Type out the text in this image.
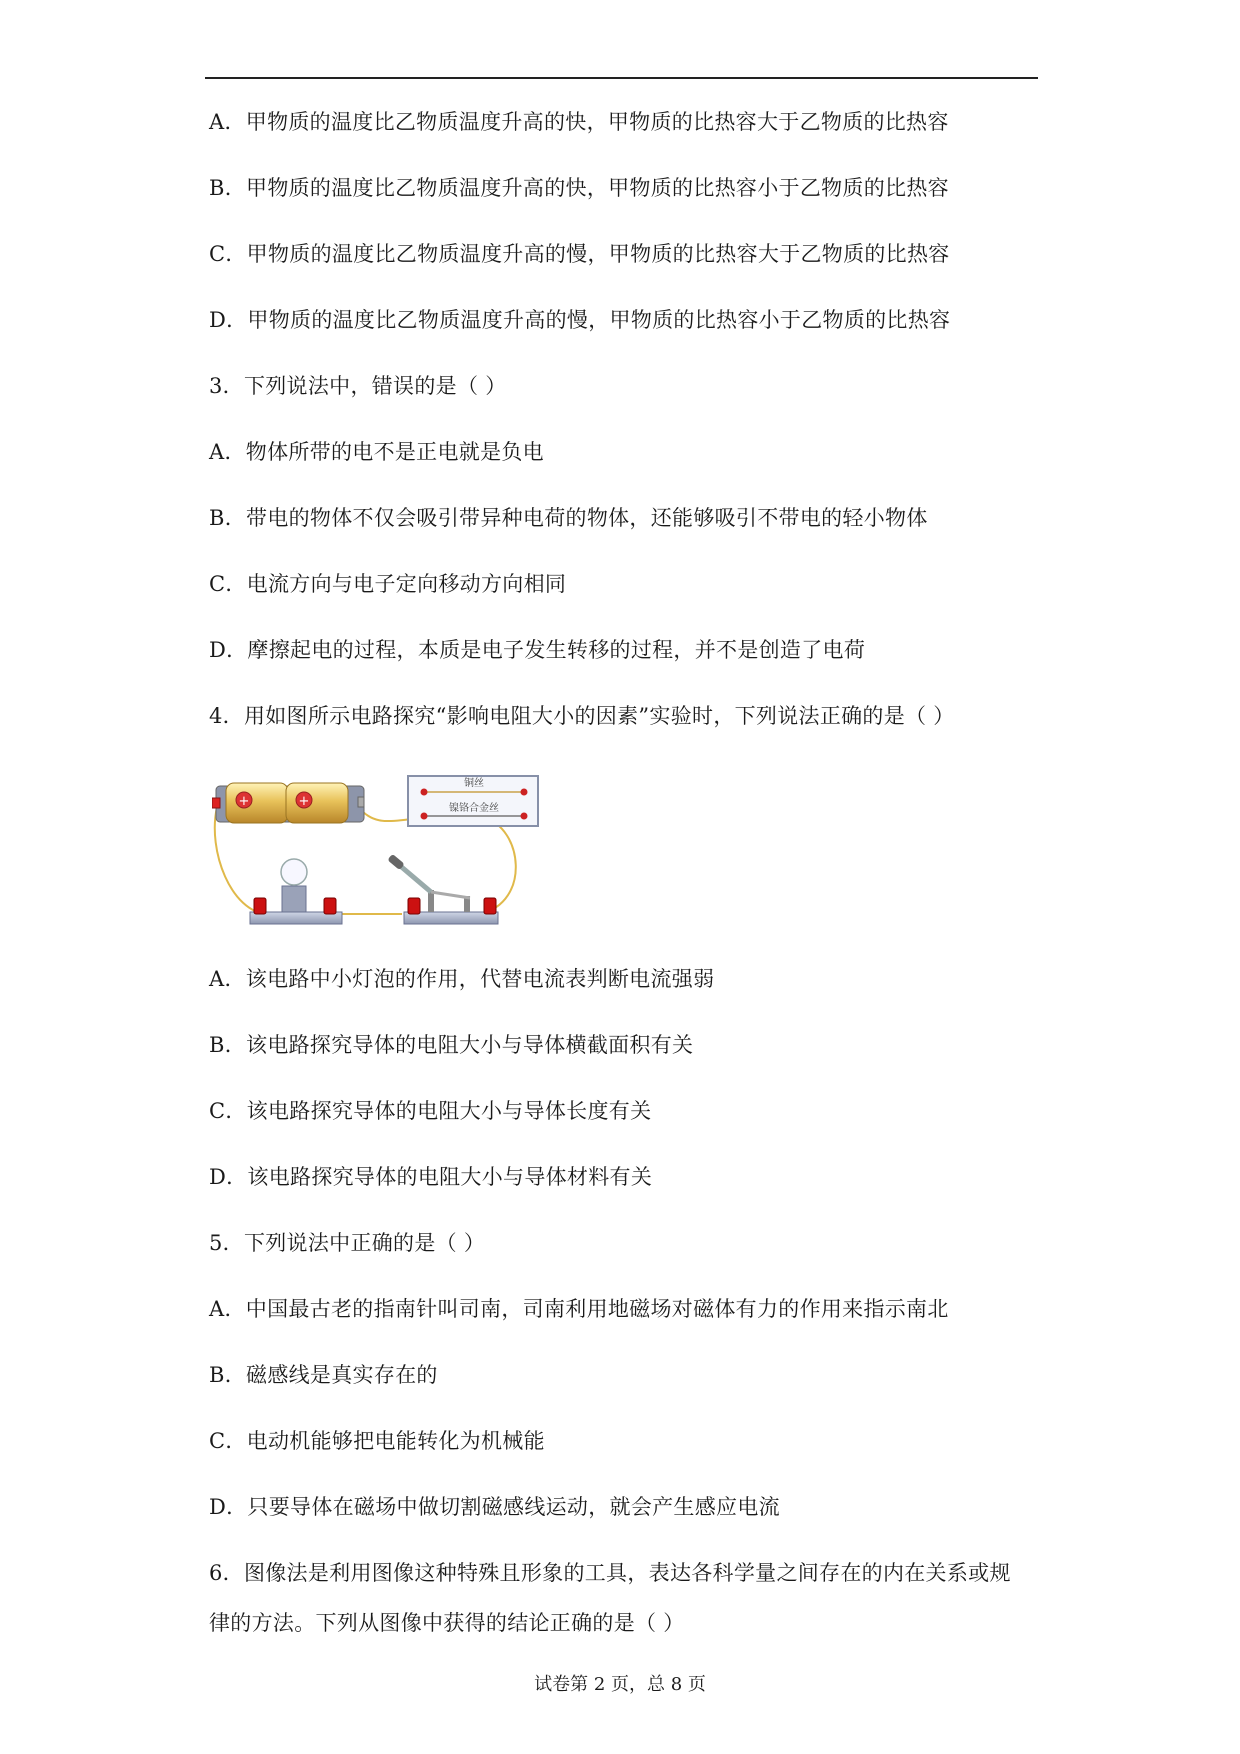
A．甲物质的温度比乙物质温度升高的快，甲物质的比热容大于乙物质的比热容
B．甲物质的温度比乙物质温度升高的快，甲物质的比热容小于乙物质的比热容
C．甲物质的温度比乙物质温度升高的慢，甲物质的比热容大于乙物质的比热容
D．甲物质的温度比乙物质温度升高的慢，甲物质的比热容小于乙物质的比热容
3．下列说法中，错误的是（ ）
A．物体所带的电不是正电就是负电
B．带电的物体不仅会吸引带异种电荷的物体，还能够吸引不带电的轻小物体
C．电流方向与电子定向移动方向相同
D．摩擦起电的过程，本质是电子发生转移的过程，并不是创造了电荷
4．用如图所示电路探究“影响电阻大小的因素”实验时，下列说法正确的是（ ）
+	+
铜丝
镍铬合金丝
A．该电路中小灯泡的作用，代替电流表判断电流强弱
B．该电路探究导体的电阻大小与导体横截面积有关
C．该电路探究导体的电阻大小与导体长度有关
D．该电路探究导体的电阻大小与导体材料有关
5．下列说法中正确的是（ ）
A．中国最古老的指南针叫司南，司南利用地磁场对磁体有力的作用来指示南北
B．磁感线是真实存在的
C．电动机能够把电能转化为机械能
D．只要导体在磁场中做切割磁感线运动，就会产生感应电流
6．图像法是利用图像这种特殊且形象的工具，表达各科学量之间存在的内在关系或规
律的方法。下列从图像中获得的结论正确的是（ ）
试卷第 2 页，总 8 页
